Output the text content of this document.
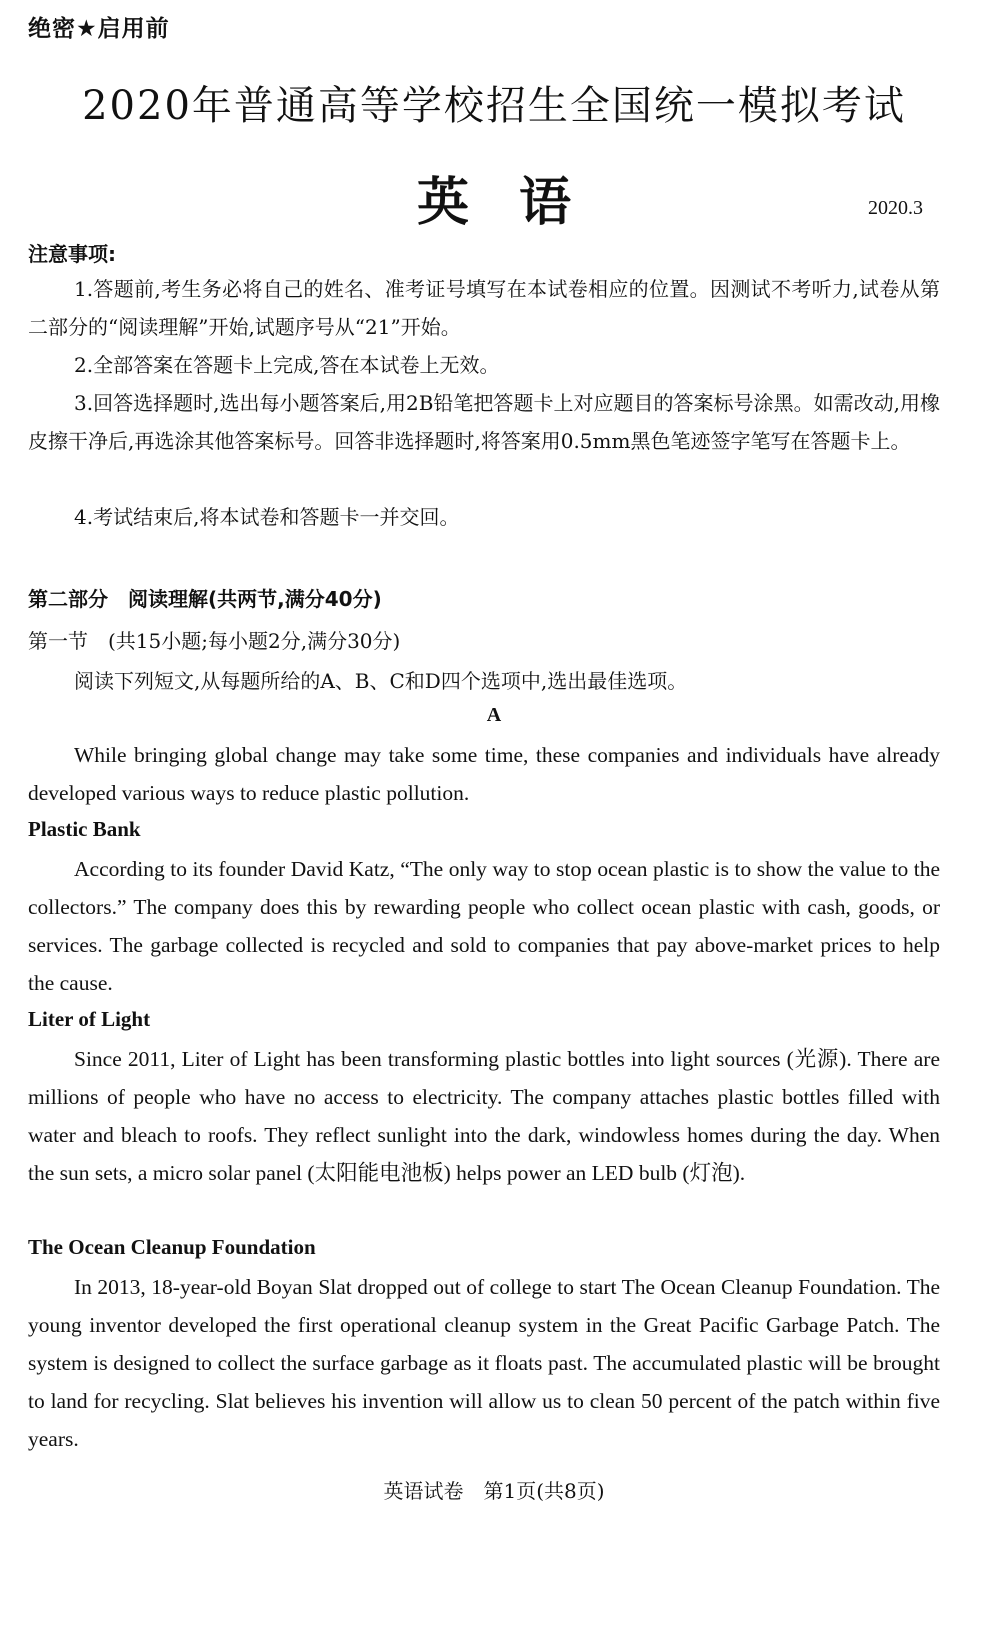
绝密★启用前
2020年普通高等学校招生全国统一模拟考试
英语	2020.3
注意事项:
1.答题前,考生务必将自己的姓名、准考证号填写在本试卷相应的位置。因测试不考听力,试卷从第二部分的“阅读理解”开始,试题序号从“21”开始。
2.全部答案在答题卡上完成,答在本试卷上无效。
3.回答选择题时,选出每小题答案后,用2B铅笔把答题卡上对应题目的答案标号涂黑。如需改动,用橡皮擦干净后,再选涂其他答案标号。回答非选择题时,将答案用0.5mm黑色笔迹签字笔写在答题卡上。
4.考试结束后,将本试卷和答题卡一并交回。
第二部分　阅读理解(共两节,满分40分)
第一节　(共15小题;每小题2分,满分30分)
阅读下列短文,从每题所给的A、B、C和D四个选项中,选出最佳选项。
A
While bringing global change may take some time, these companies and individuals have already developed various ways to reduce plastic pollution.
Plastic Bank
According to its founder David Katz, “The only way to stop ocean plastic is to show the value to the collectors.” The company does this by rewarding people who collect ocean plastic with cash, goods, or services. The garbage collected is recycled and sold to companies that pay above-market prices to help the cause.
Liter of Light
Since 2011, Liter of Light has been transforming plastic bottles into light sources (光源). There are millions of people who have no access to electricity. The company attaches plastic bottles filled with water and bleach to roofs. They reflect sunlight into the dark, windowless homes during the day. When the sun sets, a micro solar panel (太阳能电池板) helps power an LED bulb (灯泡).
The Ocean Cleanup Foundation
In 2013, 18-year-old Boyan Slat dropped out of college to start The Ocean Cleanup Foundation. The young inventor developed the first operational cleanup system in the Great Pacific Garbage Patch. The system is designed to collect the surface garbage as it floats past. The accumulated plastic will be brought to land for recycling. Slat believes his invention will allow us to clean 50 percent of the patch within five years.
英语试卷　第1页(共8页)
